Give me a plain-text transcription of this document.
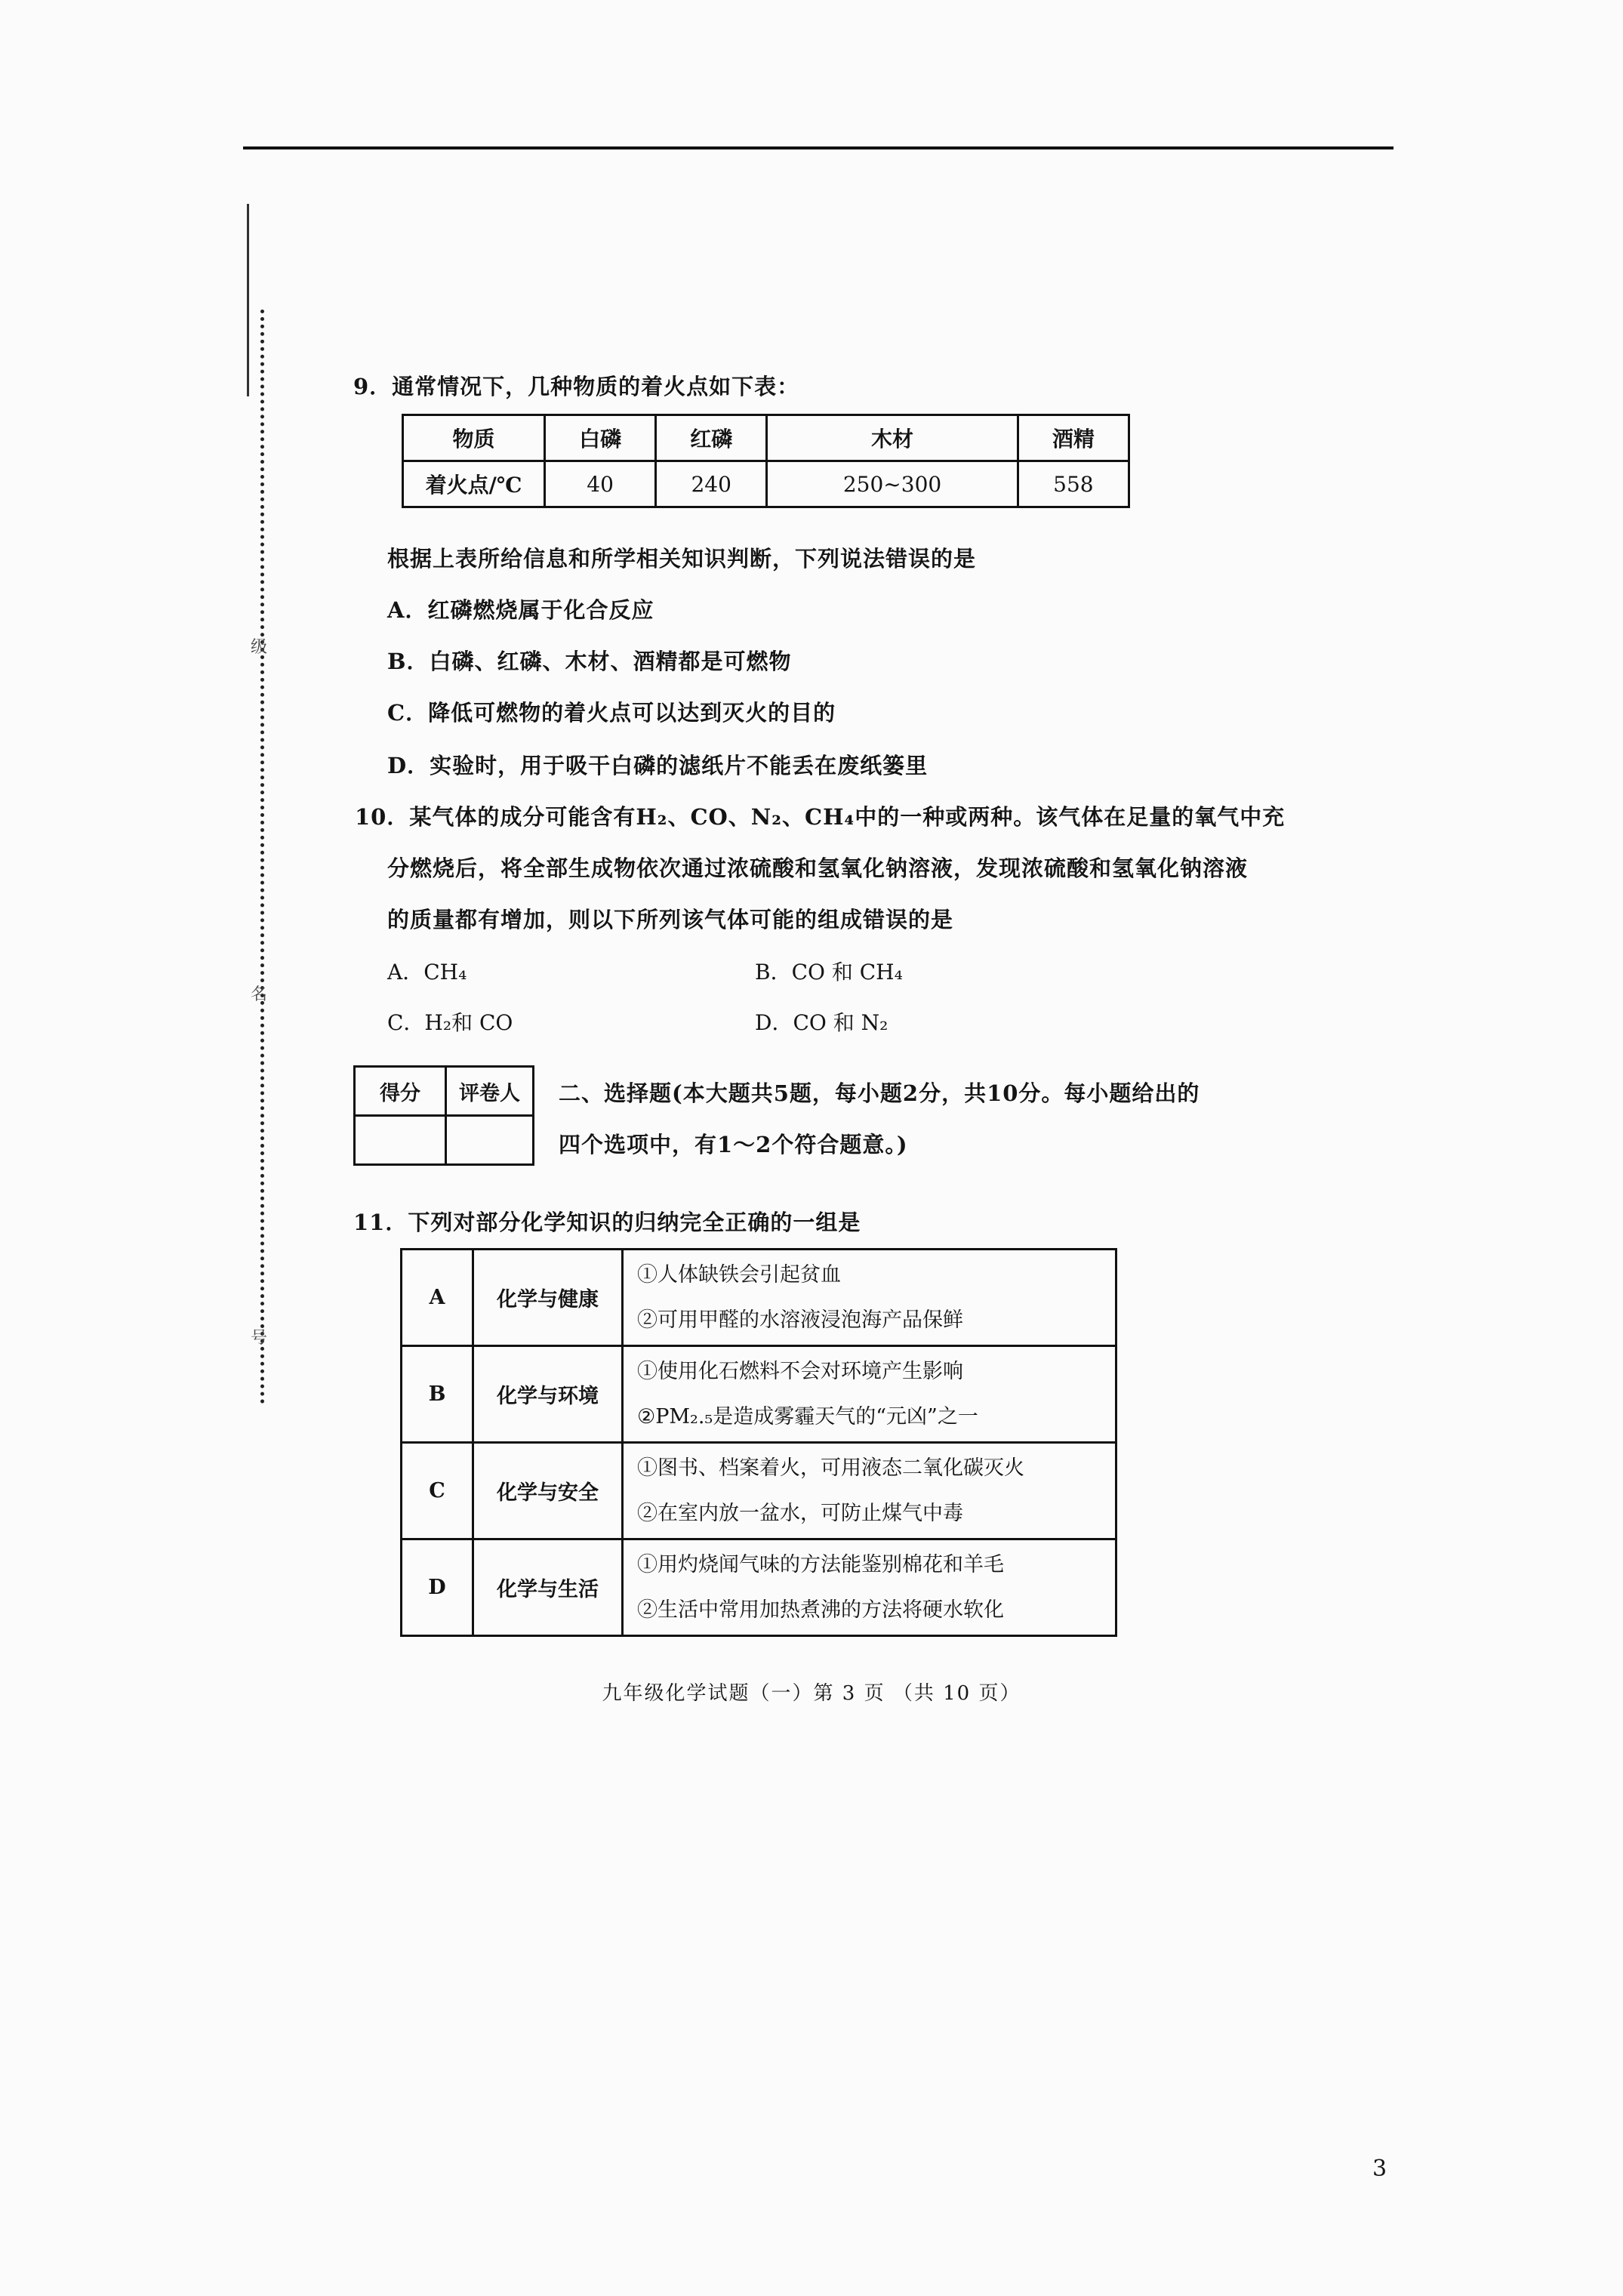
级
名
号
9．通常情况下，几种物质的着火点如下表：
物质	白磷	红磷	木材	酒精
着火点/℃	40	240	250~300	558
根据上表所给信息和所学相关知识判断，下列说法错误的是
A．红磷燃烧属于化合反应
B．白磷、红磷、木材、酒精都是可燃物
C．降低可燃物的着火点可以达到灭火的目的
D．实验时，用于吸干白磷的滤纸片不能丢在废纸篓里
10．某气体的成分可能含有H₂、CO、N₂、CH₄中的一种或两种。该气体在足量的氧气中充
分燃烧后，将全部生成物依次通过浓硫酸和氢氧化钠溶液，发现浓硫酸和氢氧化钠溶液
的质量都有增加，则以下所列该气体可能的组成错误的是
A．CH₄	B．CO 和 CH₄
C．H₂和 CO	D．CO 和 N₂
得分	评卷人
	二、选择题(本大题共5题，每小题2分，共10分。每小题给出的
四个选项中，有1～2个符合题意。)
11．下列对部分化学知识的归纳完全正确的一组是
A	化学与健康	①人体缺铁会引起贫血
②可用甲醛的水溶液浸泡海产品保鲜

B	化学与环境	①使用化石燃料不会对环境产生影响
②PM₂.₅是造成雾霾天气的“元凶”之一

C	化学与安全	①图书、档案着火，可用液态二氧化碳灭火
②在室内放一盆水，可防止煤气中毒

D	化学与生活	①用灼烧闻气味的方法能鉴别棉花和羊毛
②生活中常用加热煮沸的方法将硬水软化
九年级化学试题（一）第 3 页 （共 10 页）
3
